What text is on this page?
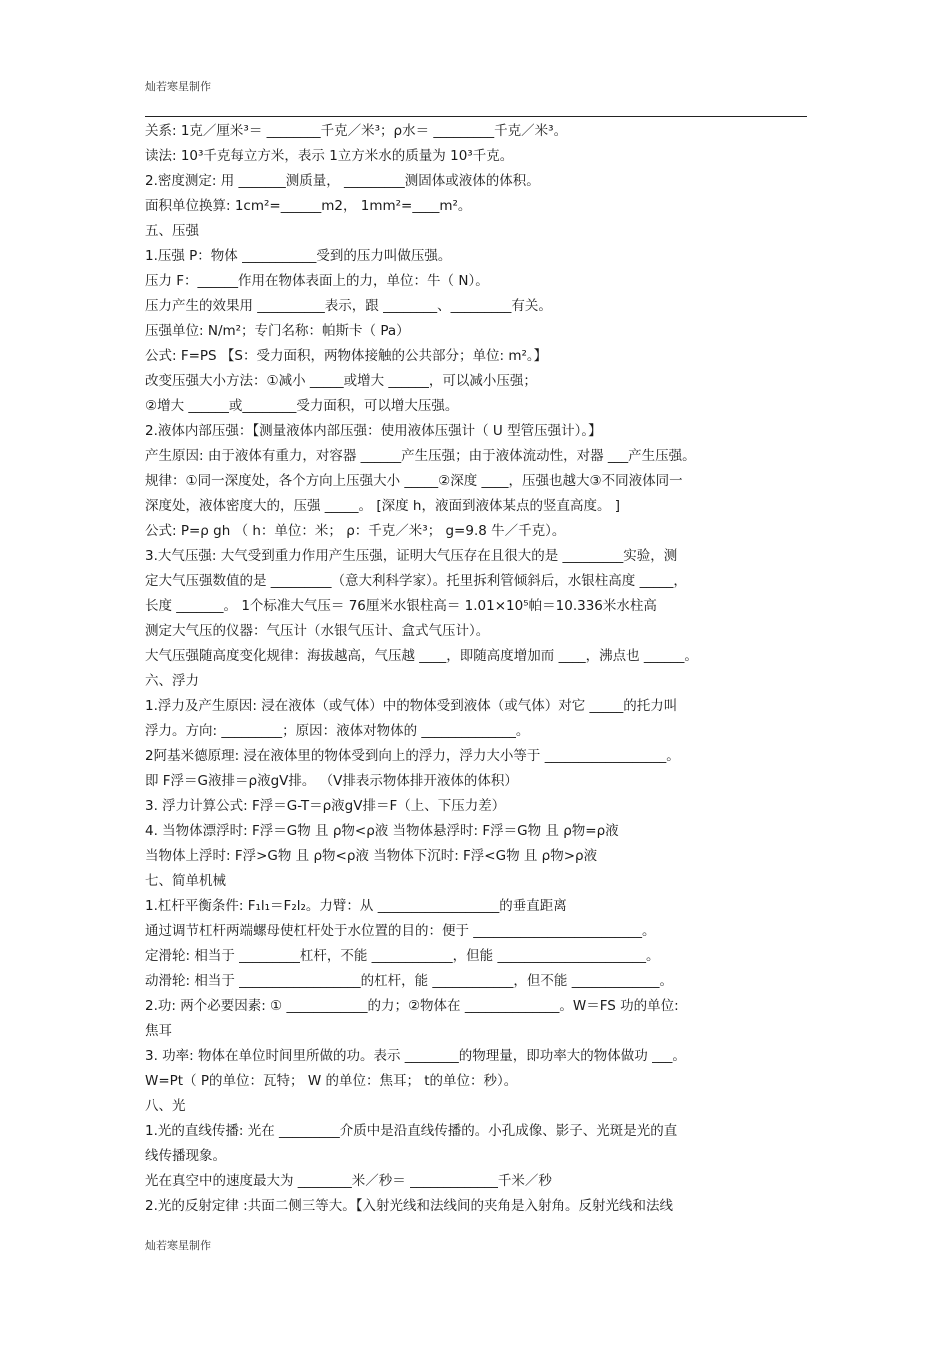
灿若寒星制作
关系: 1克／厘米³＝ ________千克／米³；ρ水＝ _________千克／米³。
读法: 10³千克每立方米，表示 1立方米水的质量为 10³千克。
2.密度测定: 用 _______测质量， _________测固体或液体的体积。
面积单位换算: 1cm²=______m2， 1mm²=____m²。
五、压强
1.压强 P：物体 ___________受到的压力叫做压强。
压力 F：______作用在物体表面上的力，单位：牛（ N）。
压力产生的效果用 __________表示，跟 ________、_________有关。
压强单位: N/m²；专门名称：帕斯卡（ Pa）
公式: F=PS 【S：受力面积，两物体接触的公共部分；单位: m²。】
改变压强大小方法：①减小 _____或增大 ______，可以减小压强；
②增大 ______或________受力面积，可以增大压强。
2.液体内部压强：【测量液体内部压强：使用液体压强计（ U 型管压强计）。】
产生原因: 由于液体有重力，对容器 ______产生压强；由于液体流动性，对器 ___产生压强。
规律：①同一深度处，各个方向上压强大小 _____②深度 ____，压强也越大③不同液体同一
深度处，液体密度大的，压强 _____。 [深度 h，液面到液体某点的竖直高度。 ]
公式: P=ρ gh （ h：单位：米； ρ：千克／米³； g=9.8 牛／千克）。
3.大气压强: 大气受到重力作用产生压强，证明大气压存在且很大的是 _________实验，测
定大气压强数值的是 _________（意大利科学家）。托里拆利管倾斜后，水银柱高度 _____，
长度 _______。 1个标准大气压＝ 76厘米水银柱高＝ 1.01×10⁵帕＝10.336米水柱高
测定大气压的仪器：气压计（水银气压计、盒式气压计）。
大气压强随高度变化规律：海拔越高，气压越 ____，即随高度增加而 ____，沸点也 ______。
六、浮力
1.浮力及产生原因: 浸在液体（或气体）中的物体受到液体（或气体）对它 _____的托力叫
浮力。方向: _________；原因：液体对物体的 ______________。
2阿基米德原理: 浸在液体里的物体受到向上的浮力，浮力大小等于 __________________。
即 F浮＝G液排＝ρ液gV排。 （V排表示物体排开液体的体积）
3. 浮力计算公式: F浮＝G-T＝ρ液gV排＝F（上、下压力差）
4. 当物体漂浮时: F浮＝G物 且 ρ物<ρ液 当物体悬浮时: F浮＝G物 且 ρ物=ρ液
当物体上浮时: F浮>G物 且 ρ物<ρ液 当物体下沉时: F浮<G物 且 ρ物>ρ液
七、简单机械
1.杠杆平衡条件: F₁l₁＝F₂l₂。力臂：从 __________________的垂直距离
通过调节杠杆两端螺母使杠杆处于水位置的目的：便于 _________________________。
定滑轮: 相当于 _________杠杆，不能 ____________，但能 ______________________。
动滑轮: 相当于 __________________的杠杆，能 ____________，但不能 _____________。
2.功: 两个必要因素: ① ____________的力；②物体在 ______________。W＝FS 功的单位:
焦耳
3. 功率: 物体在单位时间里所做的功。表示 ________的物理量，即功率大的物体做功 ___。
W=Pt（ P的单位：瓦特； W 的单位：焦耳； t的单位：秒）。
八、光
1.光的直线传播: 光在 _________介质中是沿直线传播的。小孔成像、影子、光斑是光的直
线传播现象。
光在真空中的速度最大为 ________米／秒＝ _____________千米／秒
2.光的反射定律 :共面二侧三等大。【入射光线和法线间的夹角是入射角。反射光线和法线
灿若寒星制作
